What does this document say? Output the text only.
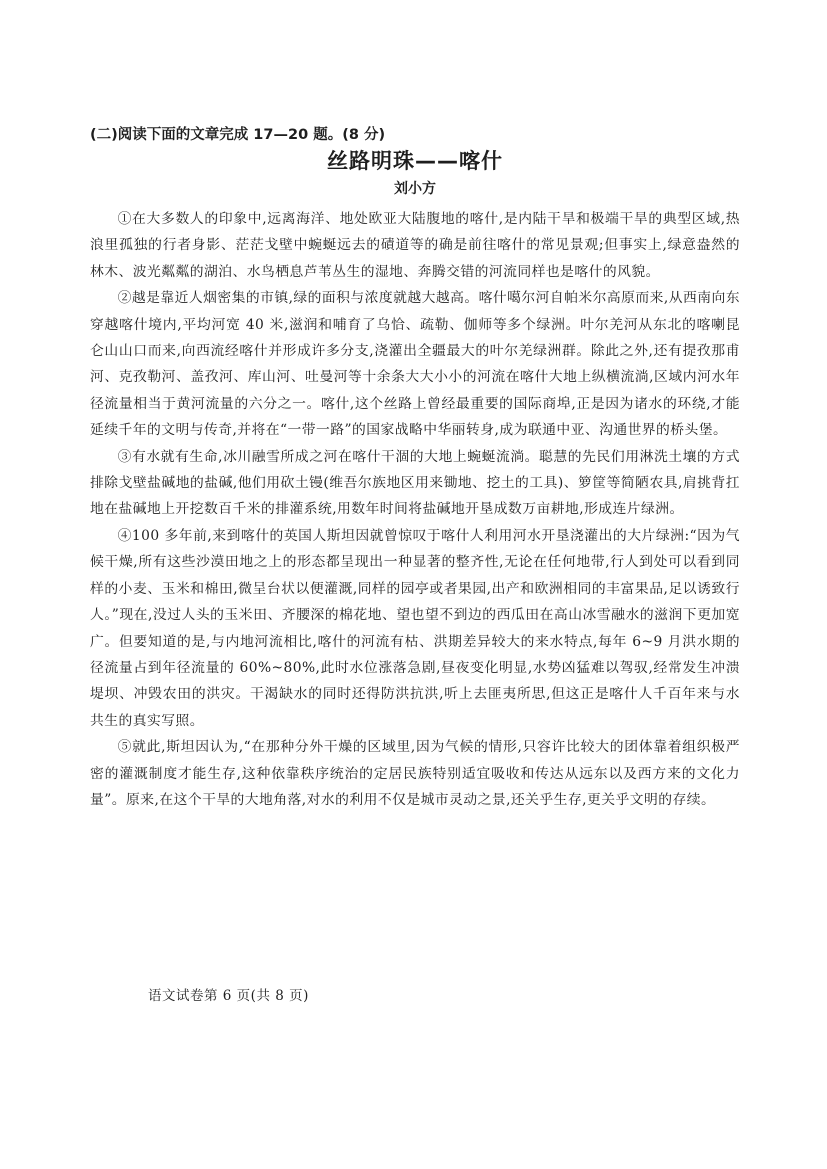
(二)阅读下面的文章完成 17—20 题。(8 分)

丝路明珠——喀什

刘小方

①在大多数人的印象中,远离海洋、地处欧亚大陆腹地的喀什,是内陆干旱和极端干旱的典型区域,热浪里孤独的行者身影、茫茫戈壁中蜿蜒远去的磧道等的确是前往喀什的常见景观;但事实上,绿意盎然的林木、波光粼粼的湖泊、水鸟栖息芦苇丛生的湿地、奔腾交错的河流同样也是喀什的风貌。

②越是靠近人烟密集的市镇,绿的面积与浓度就越大越高。喀什噶尔河自帕米尔高原而来,从西南向东穿越喀什境内,平均河宽 40 米,滋润和哺育了乌恰、疏勒、伽师等多个绿洲。叶尔羌河从东北的喀喇昆仑山山口而来,向西流经喀什并形成许多分支,浇灌出全疆最大的叶尔羌绿洲群。除此之外,还有提孜那甫河、克孜勒河、盖孜河、库山河、吐曼河等十余条大大小小的河流在喀什大地上纵横流淌,区域内河水年径流量相当于黄河流量的六分之一。喀什,这个丝路上曾经最重要的国际商埠,正是因为诸水的环绕,才能延续千年的文明与传奇,并将在“一带一路”的国家战略中华丽转身,成为联通中亚、沟通世界的桥头堡。

③有水就有生命,冰川融雪所成之河在喀什干涸的大地上蜿蜒流淌。聪慧的先民们用淋洗土壤的方式排除戈壁盐碱地的盐碱,他们用砍土镘(维吾尔族地区用来锄地、挖土的工具)、箩筐等简陋农具,肩挑背扛地在盐碱地上开挖数百千米的排灌系统,用数年时间将盐碱地开垦成数万亩耕地,形成连片绿洲。

④100 多年前,来到喀什的英国人斯坦因就曾惊叹于喀什人利用河水开垦浇灌出的大片绿洲:“因为气候干燥,所有这些沙漠田地之上的形态都呈现出一种显著的整齐性,无论在任何地带,行人到处可以看到同样的小麦、玉米和棉田,微呈台状以便灌溉,同样的园亭或者果园,出产和欧洲相同的丰富果品,足以诱致行人。”现在,没过人头的玉米田、齐腰深的棉花地、望也望不到边的西瓜田在高山冰雪融水的滋润下更加宽广。但要知道的是,与内地河流相比,喀什的河流有枯、洪期差异较大的来水特点,每年 6~9 月洪水期的径流量占到年径流量的 60%~80%,此时水位涨落急剧,昼夜变化明显,水势凶猛难以驾驭,经常发生冲溃堤坝、冲毁农田的洪灾。干渴缺水的同时还得防洪抗洪,听上去匪夷所思,但这正是喀什人千百年来与水共生的真实写照。

⑤就此,斯坦因认为,“在那种分外干燥的区域里,因为气候的情形,只容许比较大的团体靠着组织极严密的灌溉制度才能生存,这种依靠秩序统治的定居民族特别适宜吸收和传达从远东以及西方来的文化力量”。原来,在这个干旱的大地角落,对水的利用不仅是城市灵动之景,还关乎生存,更关乎文明的存续。

语文试卷第 6 页(共 8 页)
